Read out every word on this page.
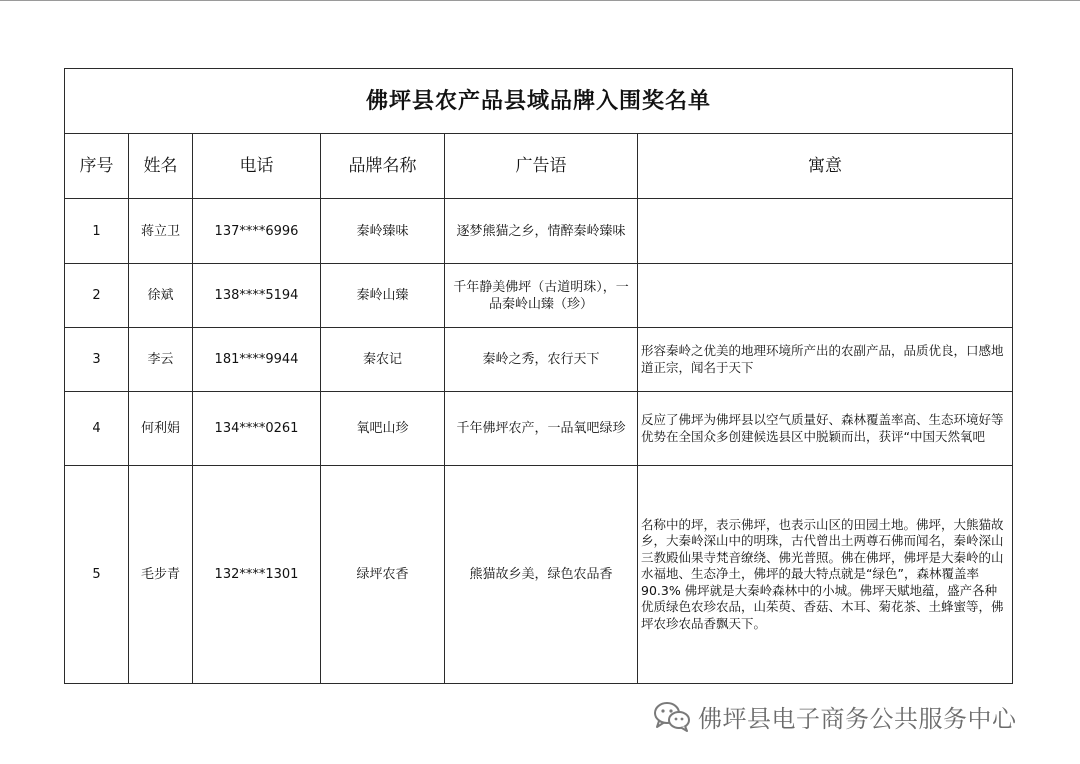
佛坪县农产品县域品牌入围奖名单					
序号	姓名	电话	品牌名称	广告语	寓意
1	蒋立卫	137****6996	秦岭臻味	逐梦熊猫之乡，情醉秦岭臻味	
2	徐斌	138****5194	秦岭山臻	千年静美佛坪（古道明珠），一品秦岭山臻（珍）	
3	李云	181****9944	秦农记	秦岭之秀，农行天下	形容秦岭之优美的地理环境所产出的农副产品，品质优良，口感地道正宗，闻名于天下
4	何利娟	134****0261	氧吧山珍	千年佛坪农产，一品氧吧绿珍	反应了佛坪为佛坪县以空气质量好、森林覆盖率高、生态环境好等优势在全国众多创建候选县区中脱颖而出，获评“中国天然氧吧
5	毛步青	132****1301	绿坪农香	熊猫故乡美，绿色农品香	名称中的坪，表示佛坪，也表示山区的田园土地。佛坪，大熊猫故乡，大秦岭深山中的明珠，古代曾出土两尊石佛而闻名，秦岭深山三教殿仙果寺梵音缭绕、佛光普照。佛在佛坪，佛坪是大秦岭的山水福地、生态净土，佛坪的最大特点就是“绿色”，森林覆盖率90.3% 佛坪就是大秦岭森林中的小城。佛坪天赋地蕴，盛产各种优质绿色农珍农品，山茱萸、香菇、木耳、菊花茶、土蜂蜜等，佛坪农珍农品香飘天下。
佛坪县电子商务公共服务中心
